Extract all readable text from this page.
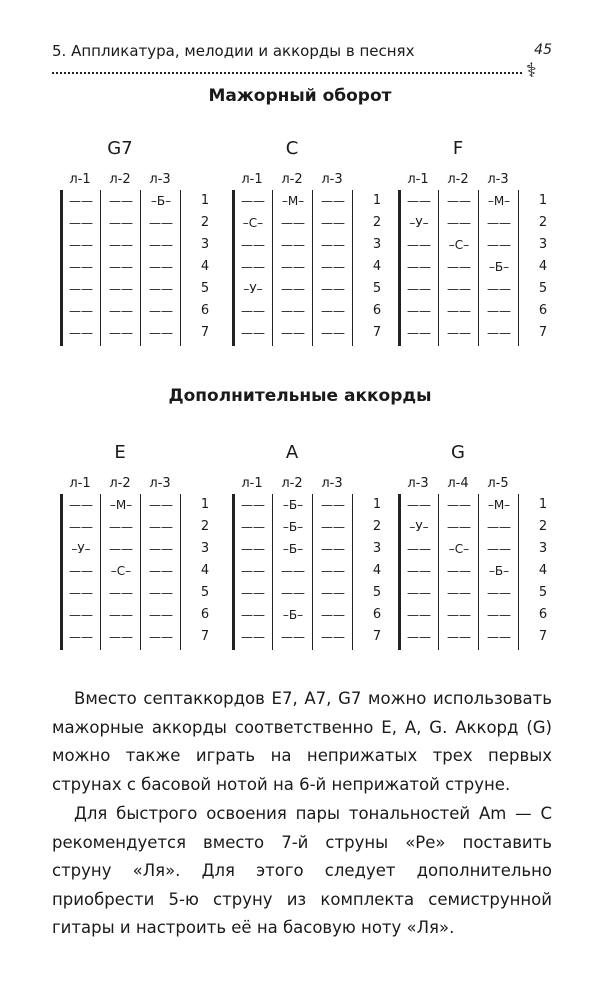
5. Аппликатура, мелодии и аккорды в песнях	45
⚕
Мажорный оборот
Дополнительные аккорды
G7
л-1	л-2	л-3
——	——	–Б–	1
——	——	——	2
——	——	——	3
——	——	——	4
——	——	——	5
——	——	——	6
——	——	——	7
C
л-1	л-2	л-3
——	–М–	——	1
–С–	——	——	2
——	——	——	3
——	——	——	4
–У–	——	——	5
——	——	——	6
——	——	——	7
F
л-1	л-2	л-3
——	——	–М–	1
–У–	——	——	2
——	–С–	——	3
——	——	–Б–	4
——	——	——	5
——	——	——	6
——	——	——	7
E
л-1	л-2	л-3
——	–М–	——	1
——	——	——	2
–У–	——	——	3
——	–С–	——	4
——	——	——	5
——	——	——	6
——	——	——	7
A
л-1	л-2	л-3
——	–Б–	——	1
——	–Б–	——	2
——	–Б–	——	3
——	——	——	4
——	——	——	5
——	–Б–	——	6
——	——	——	7
G
л-3	л-4	л-5
——	——	–М–	1
–У–	——	——	2
——	–С–	——	3
——	——	–Б–	4
——	——	——	5
——	——	——	6
——	——	——	7
Вместо септаккордов E7, A7, G7 можно использовать мажорные аккорды соответственно E, A, G. Аккорд (G) можно также играть на неприжатых трех первых струнах с басовой нотой на 6-й неприжатой струне.
Для быстрого освоения пары тональностей Am — C рекомендуется вместо 7-й струны «Ре» поставить струну «Ля». Для этого следует дополнительно приобрести 5-ю струну из комплекта семиструнной гитары и настроить её на басовую ноту «Ля».
